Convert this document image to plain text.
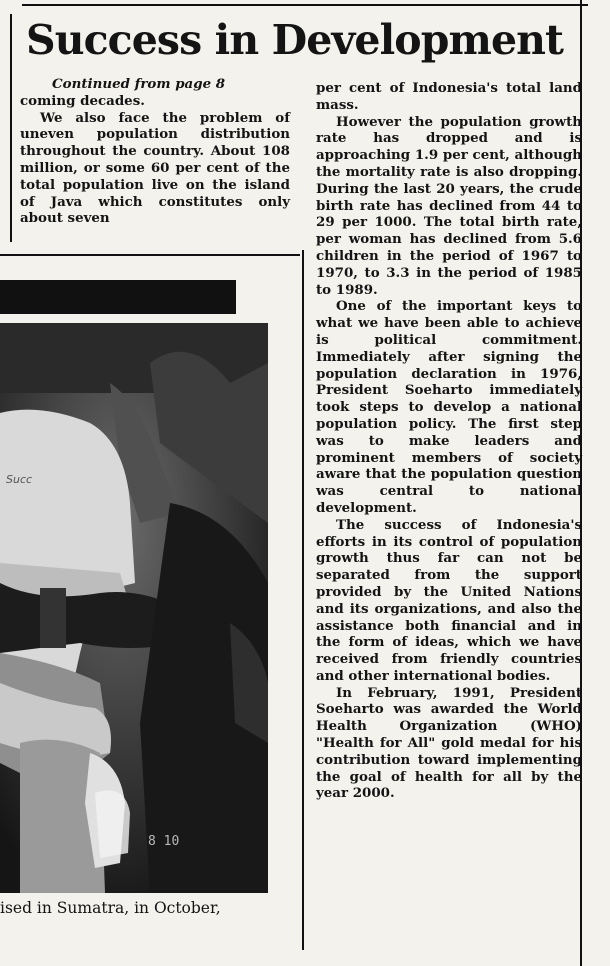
Success in Development
Continued from page 8

coming decades.

We also face the problem of uneven population distribution throughout the country. About 108 million, or some 60 per cent of the total population live on the island of Java which constitutes only about seven

per cent of Indonesia's total land mass.

However the population growth rate has dropped and is approaching 1.9 per cent, although the mortality rate is also dropping. During the last 20 years, the crude birth rate has declined from 44 to 29 per 1000. The total birth rate, per woman has declined from 5.6 children in the period of 1967 to 1970, to 3.3 in the period of 1985 to 1989.

One of the important keys to what we have been able to achieve is political commitment. Immediately after signing the population declaration in 1976, President Soeharto immediately took steps to develop a national population policy. The first step was to make leaders and prominent members of society aware that the population question was central to national development.

The success of Indonesia's efforts in its control of population growth thus far can not be separated from the support provided by the United Nations and its organizations, and also the assistance both financial and in the form of ideas, which we have received from friendly countries and other international bodies.

In February, 1991, President Soeharto was awarded the World Health Organization (WHO) "Health for All" gold medal for his contribution toward implementing the goal of health for all by the year 2000.

Succ
8 10
ised in Sumatra, in October,
